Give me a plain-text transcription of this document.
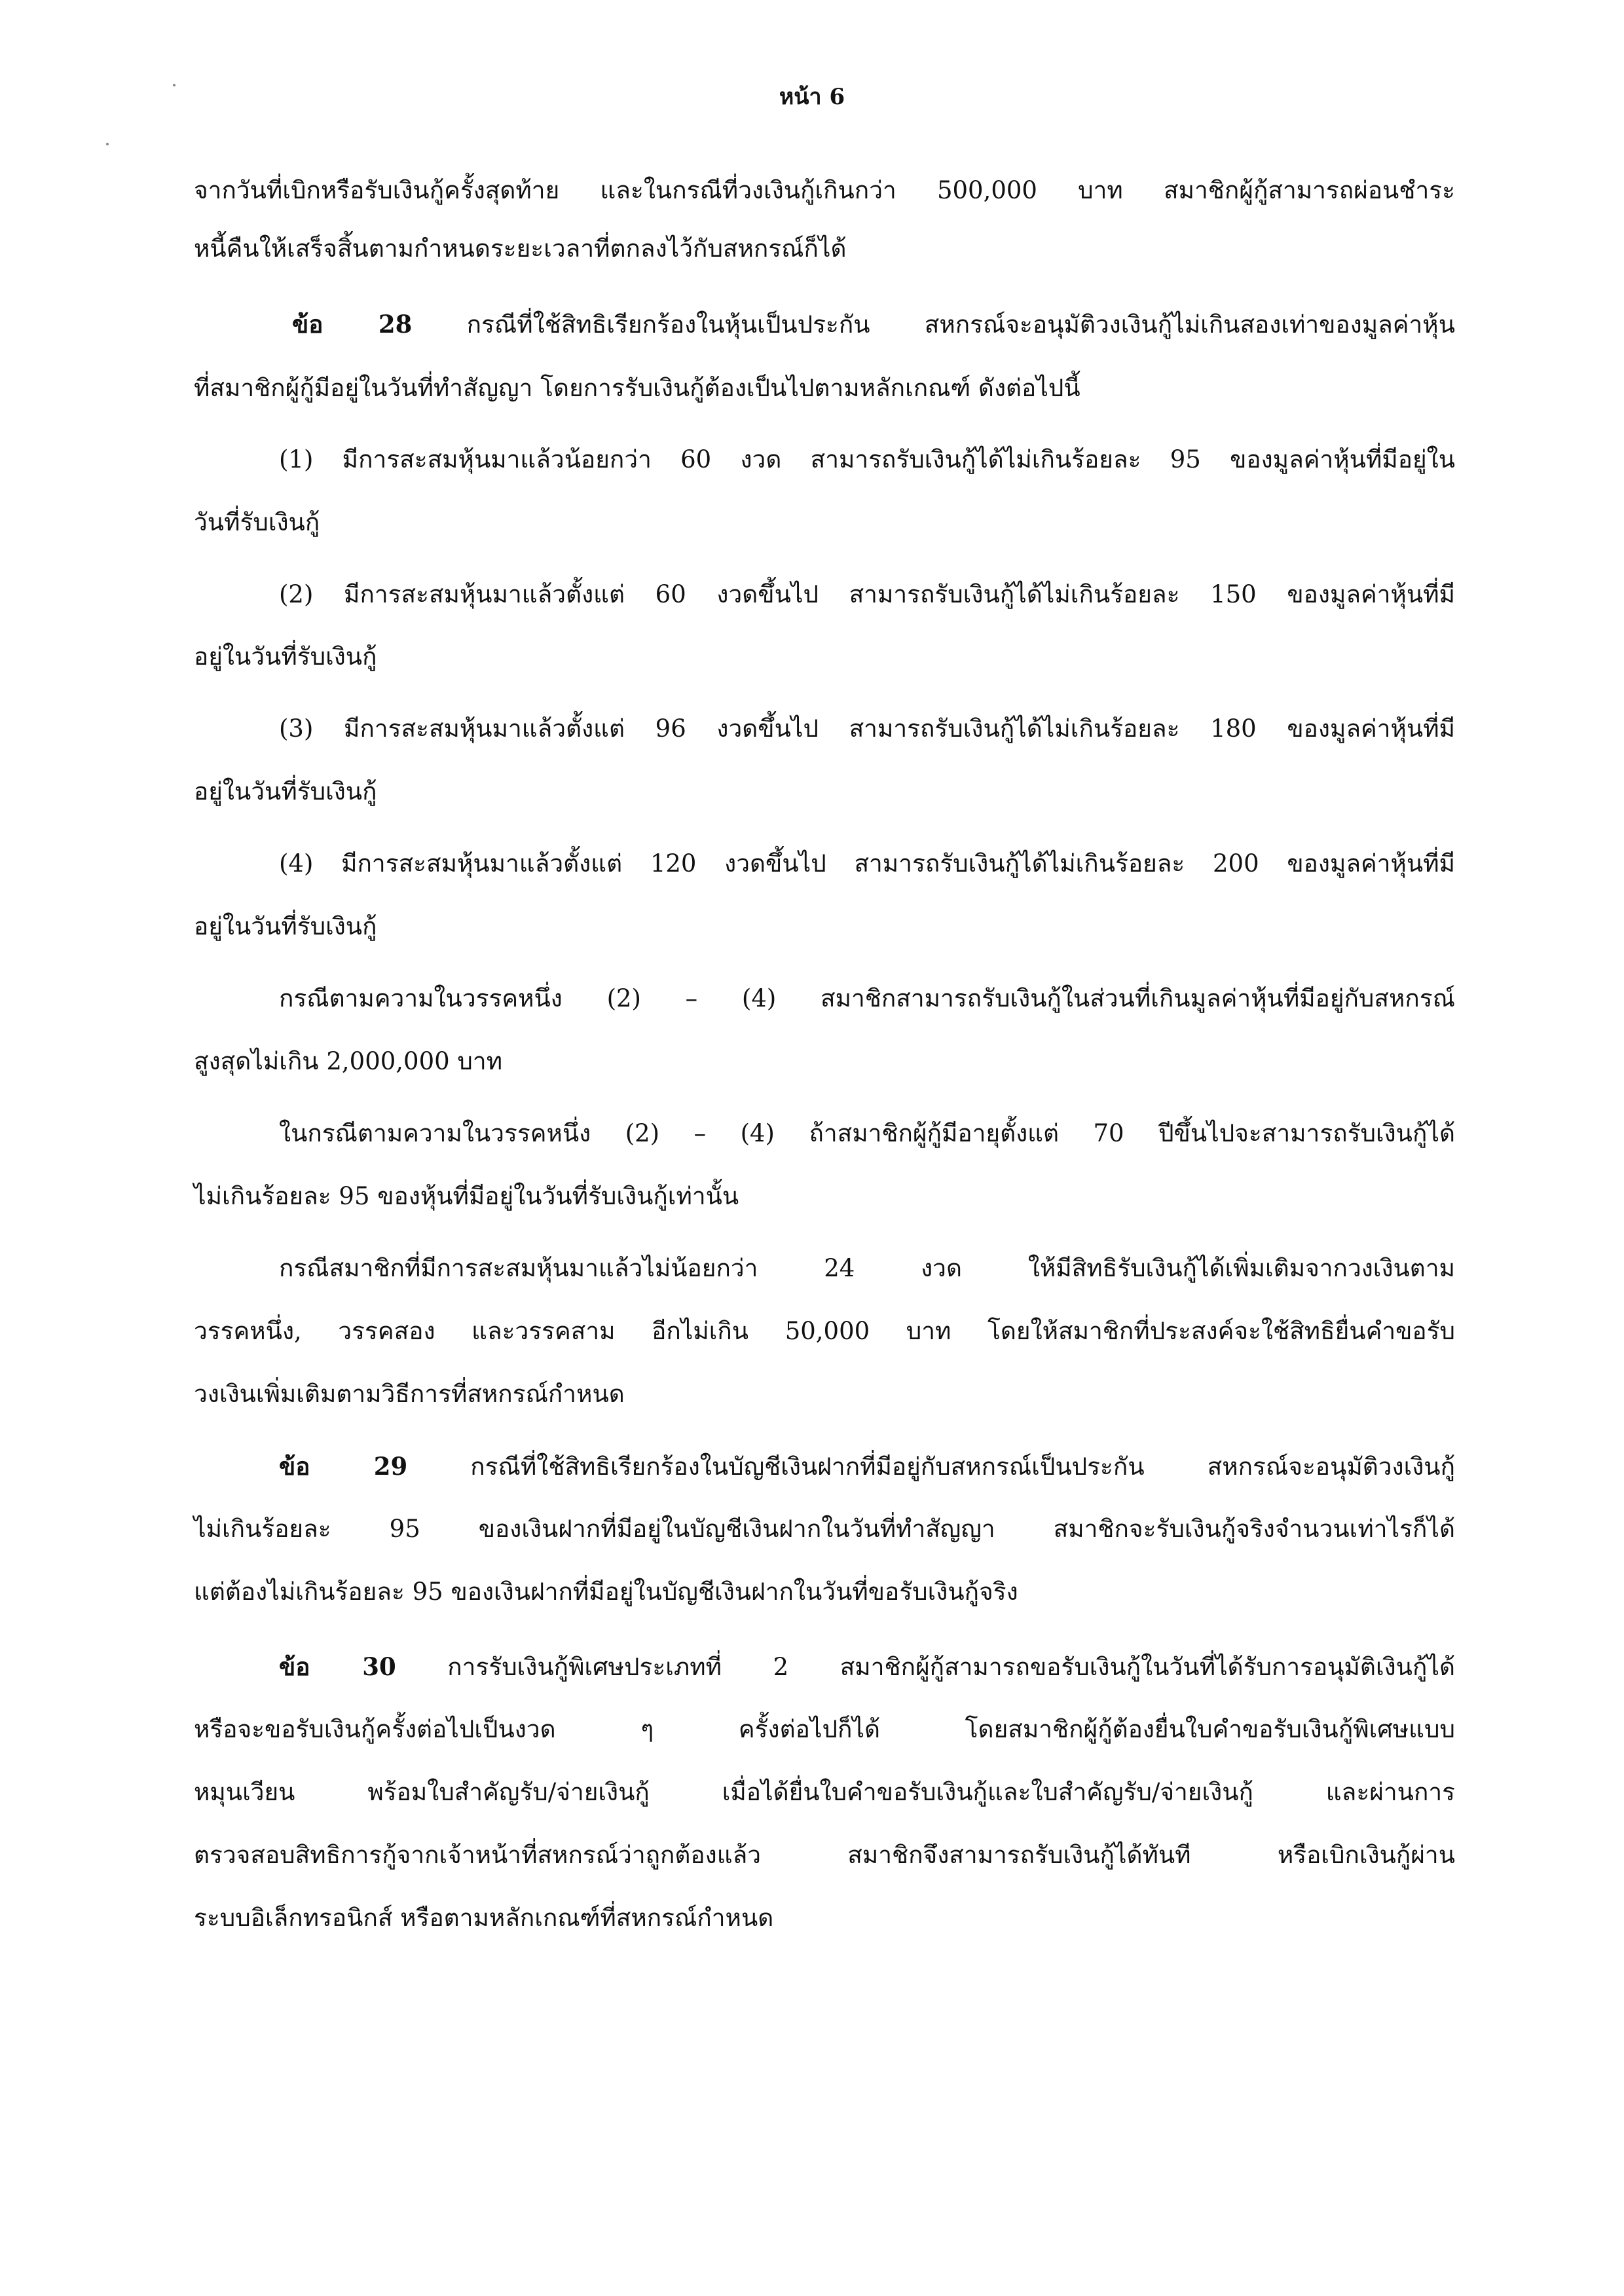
หน้า 6
จากวันที่เบิกหรือรับเงินกู้ครั้งสุดท้าย และในกรณีที่วงเงินกู้เกินกว่า 500,000 บาท สมาชิกผู้กู้สามารถผ่อนชำระ
หนี้คืนให้เสร็จสิ้นตามกำหนดระยะเวลาที่ตกลงไว้กับสหกรณ์ก็ได้
ข้อ 28 กรณีที่ใช้สิทธิเรียกร้องในหุ้นเป็นประกัน สหกรณ์จะอนุมัติวงเงินกู้ไม่เกินสองเท่าของมูลค่าหุ้น
ที่สมาชิกผู้กู้มีอยู่ในวันที่ทำสัญญา โดยการรับเงินกู้ต้องเป็นไปตามหลักเกณฑ์ ดังต่อไปนี้
(1) มีการสะสมหุ้นมาแล้วน้อยกว่า 60 งวด สามารถรับเงินกู้ได้ไม่เกินร้อยละ 95 ของมูลค่าหุ้นที่มีอยู่ใน
วันที่รับเงินกู้
(2) มีการสะสมหุ้นมาแล้วตั้งแต่ 60 งวดขึ้นไป สามารถรับเงินกู้ได้ไม่เกินร้อยละ 150 ของมูลค่าหุ้นที่มี
อยู่ในวันที่รับเงินกู้
(3) มีการสะสมหุ้นมาแล้วตั้งแต่ 96 งวดขึ้นไป สามารถรับเงินกู้ได้ไม่เกินร้อยละ 180 ของมูลค่าหุ้นที่มี
อยู่ในวันที่รับเงินกู้
(4) มีการสะสมหุ้นมาแล้วตั้งแต่ 120 งวดขึ้นไป สามารถรับเงินกู้ได้ไม่เกินร้อยละ 200 ของมูลค่าหุ้นที่มี
อยู่ในวันที่รับเงินกู้
กรณีตามความในวรรคหนึ่ง (2) – (4) สมาชิกสามารถรับเงินกู้ในส่วนที่เกินมูลค่าหุ้นที่มีอยู่กับสหกรณ์
สูงสุดไม่เกิน 2,000,000 บาท
ในกรณีตามความในวรรคหนึ่ง (2) – (4) ถ้าสมาชิกผู้กู้มีอายุตั้งแต่ 70 ปีขึ้นไปจะสามารถรับเงินกู้ได้
ไม่เกินร้อยละ 95 ของหุ้นที่มีอยู่ในวันที่รับเงินกู้เท่านั้น
กรณีสมาชิกที่มีการสะสมหุ้นมาแล้วไม่น้อยกว่า 24 งวด ให้มีสิทธิรับเงินกู้ได้เพิ่มเติมจากวงเงินตาม
วรรคหนึ่ง, วรรคสอง และวรรคสาม อีกไม่เกิน 50,000 บาท โดยให้สมาชิกที่ประสงค์จะใช้สิทธิยื่นคำขอรับ
วงเงินเพิ่มเติมตามวิธีการที่สหกรณ์กำหนด
ข้อ 29 กรณีที่ใช้สิทธิเรียกร้องในบัญชีเงินฝากที่มีอยู่กับสหกรณ์เป็นประกัน สหกรณ์จะอนุมัติวงเงินกู้
ไม่เกินร้อยละ 95 ของเงินฝากที่มีอยู่ในบัญชีเงินฝากในวันที่ทำสัญญา สมาชิกจะรับเงินกู้จริงจำนวนเท่าไรก็ได้
แต่ต้องไม่เกินร้อยละ 95 ของเงินฝากที่มีอยู่ในบัญชีเงินฝากในวันที่ขอรับเงินกู้จริง
ข้อ 30 การรับเงินกู้พิเศษประเภทที่ 2 สมาชิกผู้กู้สามารถขอรับเงินกู้ในวันที่ได้รับการอนุมัติเงินกู้ได้
หรือจะขอรับเงินกู้ครั้งต่อไปเป็นงวด ๆ ครั้งต่อไปก็ได้ โดยสมาชิกผู้กู้ต้องยื่นใบคำขอรับเงินกู้พิเศษแบบ
หมุนเวียน พร้อมใบสำคัญรับ/จ่ายเงินกู้ เมื่อได้ยื่นใบคำขอรับเงินกู้และใบสำคัญรับ/จ่ายเงินกู้ และผ่านการ
ตรวจสอบสิทธิการกู้จากเจ้าหน้าที่สหกรณ์ว่าถูกต้องแล้ว สมาชิกจึงสามารถรับเงินกู้ได้ทันที หรือเบิกเงินกู้ผ่าน
ระบบอิเล็กทรอนิกส์ หรือตามหลักเกณฑ์ที่สหกรณ์กำหนด
